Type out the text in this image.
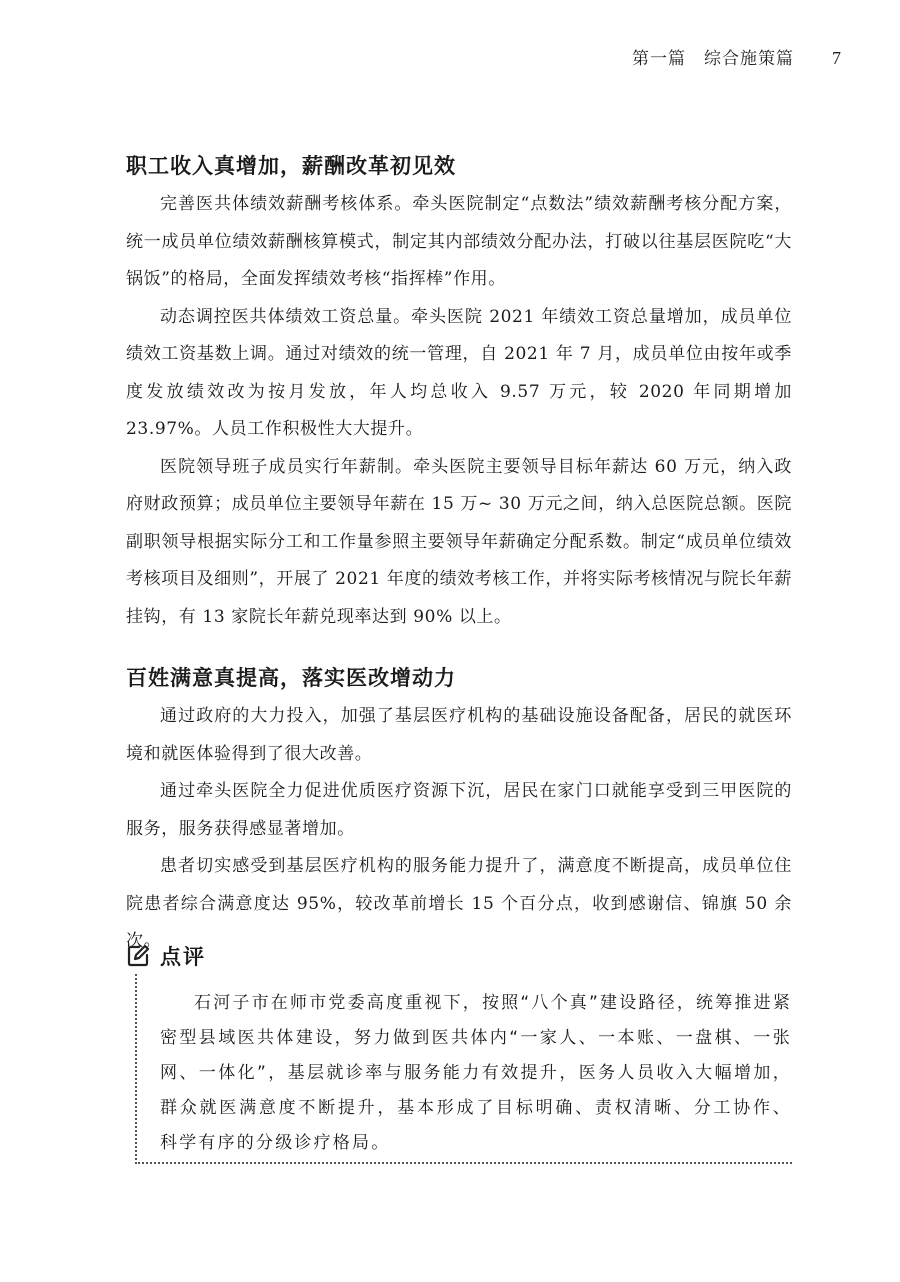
第一篇 综合施策篇 7
职工收入真增加，薪酬改革初见效

完善医共体绩效薪酬考核体系。牵头医院制定“点数法”绩效薪酬考核分配方案，统一成员单位绩效薪酬核算模式，制定其内部绩效分配办法，打破以往基层医院吃“大锅饭”的格局，全面发挥绩效考核“指挥棒”作用。

动态调控医共体绩效工资总量。牵头医院 2021 年绩效工资总量增加，成员单位绩效工资基数上调。通过对绩效的统一管理，自 2021 年 7 月，成员单位由按年或季度发放绩效改为按月发放，年人均总收入 9.57 万元，较 2020 年同期增加 23.97%。人员工作积极性大大提升。

医院领导班子成员实行年薪制。牵头医院主要领导目标年薪达 60 万元，纳入政府财政预算；成员单位主要领导年薪在 15 万~ 30 万元之间，纳入总医院总额。医院副职领导根据实际分工和工作量参照主要领导年薪确定分配系数。制定“成员单位绩效考核项目及细则”，开展了 2021 年度的绩效考核工作，并将实际考核情况与院长年薪挂钩，有 13 家院长年薪兑现率达到 90% 以上。

百姓满意真提高，落实医改增动力

通过政府的大力投入，加强了基层医疗机构的基础设施设备配备，居民的就医环境和就医体验得到了很大改善。

通过牵头医院全力促进优质医疗资源下沉，居民在家门口就能享受到三甲医院的服务，服务获得感显著增加。

患者切实感受到基层医疗机构的服务能力提升了，满意度不断提高，成员单位住院患者综合满意度达 95%，较改革前增长 15 个百分点，收到感谢信、锦旗 50 余次。

点评

石河子市在师市党委高度重视下，按照“八个真”建设路径，统筹推进紧密型县域医共体建设，努力做到医共体内“一家人、一本账、一盘棋、一张网、一体化”，基层就诊率与服务能力有效提升，医务人员收入大幅增加，群众就医满意度不断提升，基本形成了目标明确、责权清晰、分工协作、科学有序的分级诊疗格局。
